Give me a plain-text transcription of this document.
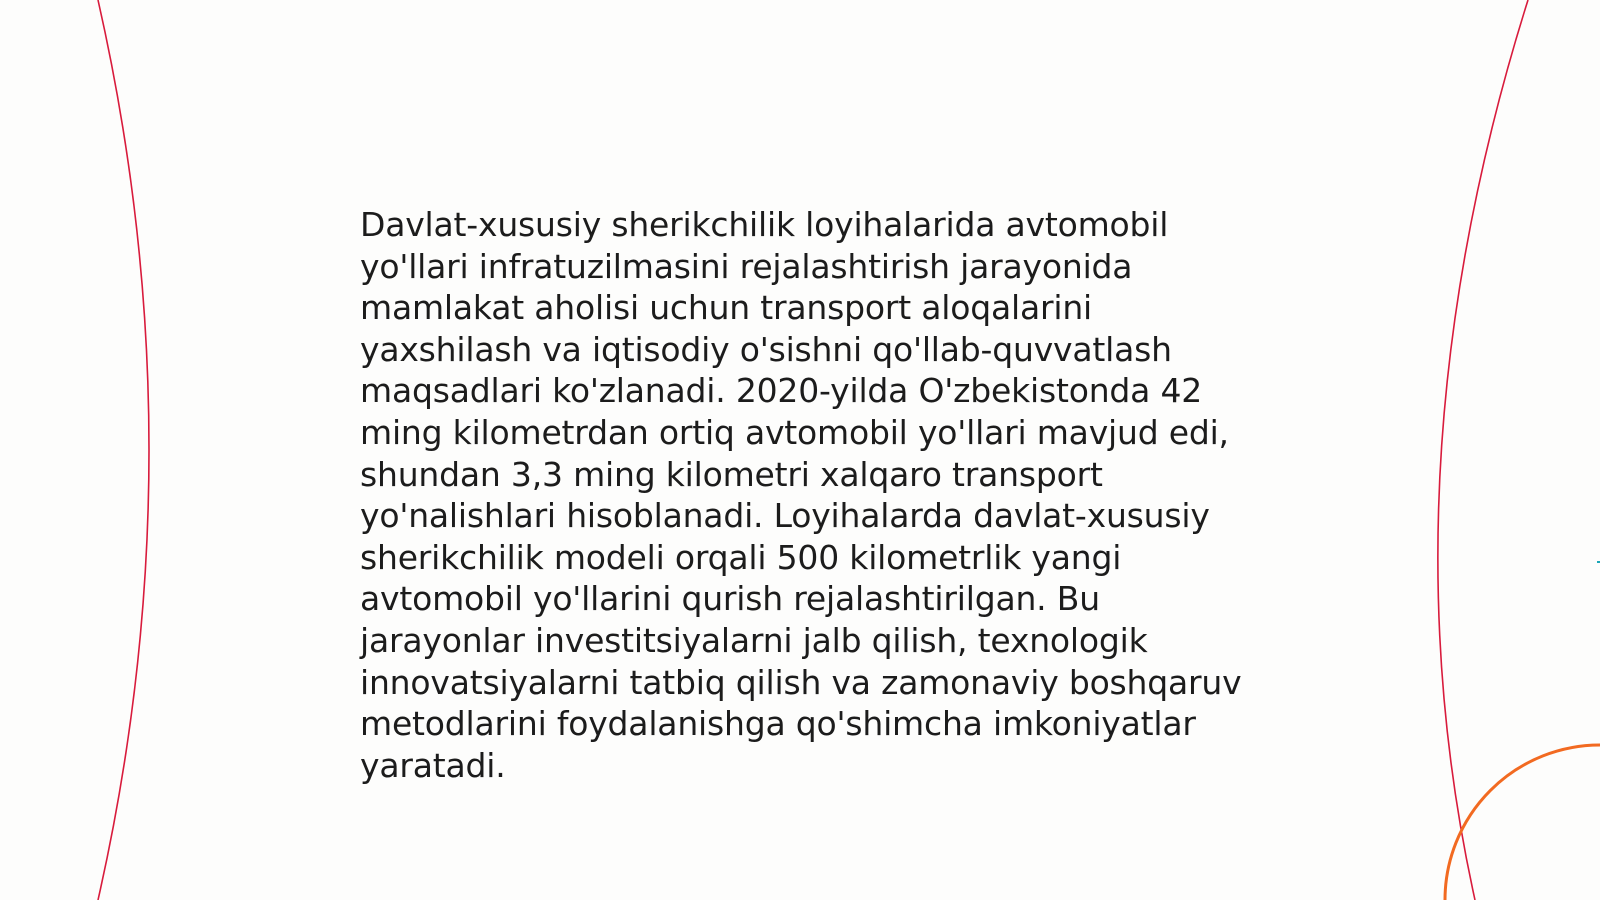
Davlat-xususiy sherikchilik loyihalarida avtomobil
yo'llari infratuzilmasini rejalashtirish jarayonida
mamlakat aholisi uchun transport aloqalarini
yaxshilash va iqtisodiy o'sishni qo'llab-quvvatlash
maqsadlari ko'zlanadi. 2020-yilda O'zbekistonda 42
ming kilometrdan ortiq avtomobil yo'llari mavjud edi,
shundan 3,3 ming kilometri xalqaro transport
yo'nalishlari hisoblanadi. Loyihalarda davlat-xususiy
sherikchilik modeli orqali 500 kilometrlik yangi
avtomobil yo'llarini qurish rejalashtirilgan. Bu
jarayonlar investitsiyalarni jalb qilish, texnologik
innovatsiyalarni tatbiq qilish va zamonaviy boshqaruv
metodlarini foydalanishga qo'shimcha imkoniyatlar
yaratadi.
